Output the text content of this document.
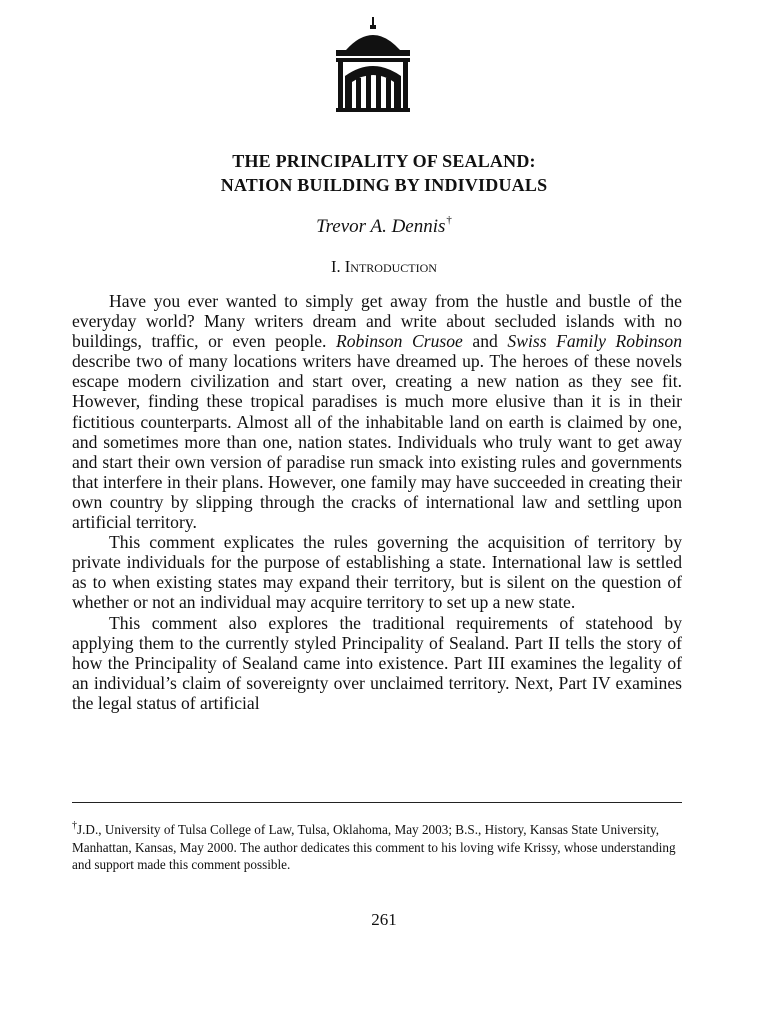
THE PRINCIPALITY OF SEALAND:
NATION BUILDING BY INDIVIDUALS
Trevor A. Dennis†
I. Introduction

Have you ever wanted to simply get away from the hustle and bustle of the everyday world? Many writers dream and write about secluded islands with no buildings, traffic, or even people. Robinson Crusoe and Swiss Family Robinson describe two of many locations writers have dreamed up. The heroes of these novels escape modern civilization and start over, creating a new nation as they see fit. However, finding these tropical paradises is much more elusive than it is in their fictitious counterparts. Almost all of the inhabitable land on earth is claimed by one, and sometimes more than one, nation states. Individuals who truly want to get away and start their own version of paradise run smack into existing rules and governments that interfere in their plans. However, one family may have succeeded in creating their own country by slipping through the cracks of international law and settling upon artificial territory.

This comment explicates the rules governing the acquisition of territory by private individuals for the purpose of establishing a state. International law is settled as to when existing states may expand their territory, but is silent on the question of whether or not an individual may acquire territory to set up a new state.

This comment also explores the traditional requirements of statehood by applying them to the currently styled Principality of Sealand. Part II tells the story of how the Principality of Sealand came into existence. Part III examines the legality of an individual’s claim of sovereignty over unclaimed territory. Next, Part IV examines the legal status of artificial

†J.D., University of Tulsa College of Law, Tulsa, Oklahoma, May 2003; B.S., History, Kansas State University, Manhattan, Kansas, May 2000. The author dedicates this comment to his loving wife Krissy, whose understanding and support made this comment possible.
261
